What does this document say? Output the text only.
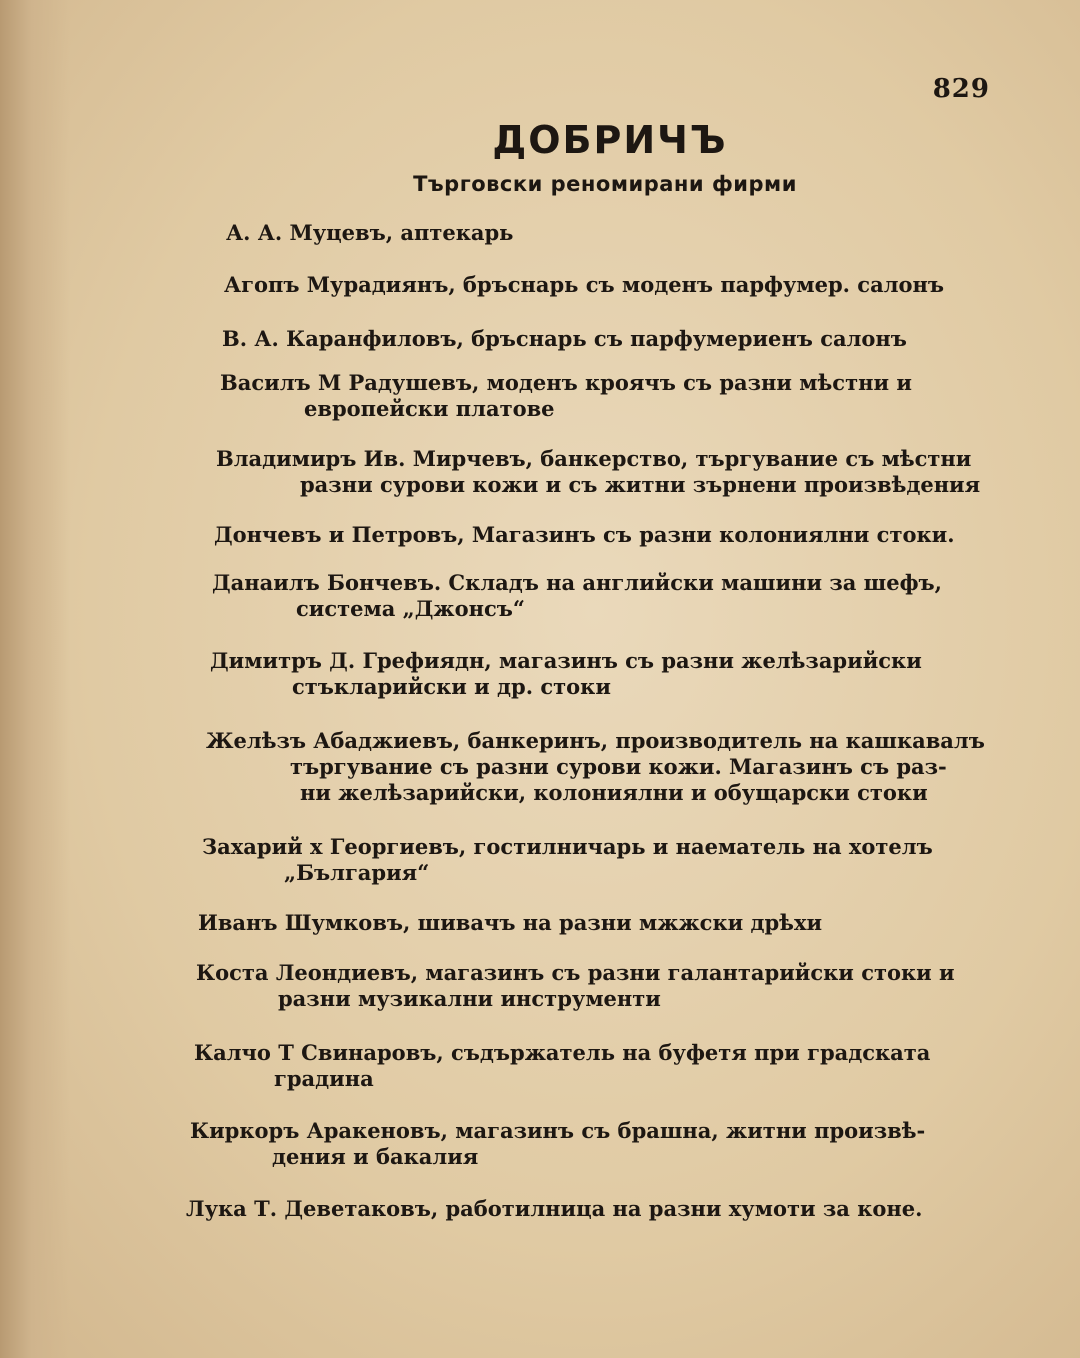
829
ДОБРИЧЪ
Търговски реномирани фирми
А. А. Муцевъ, аптекарь
Агопъ Мурадиянъ, бръснарь съ моденъ парфумер. салонъ
В. А. Каранфиловъ, бръснарь съ парфумериенъ салонъ
Василъ М Радушевъ, моденъ кроячъ съ разни мѣстни и
европейски платове
Владимиръ Ив. Мирчевъ, банкерство, търгувание съ мѣстни
разни сурови кожи и съ житни зърнени произвѣдения
Дончевъ и Петровъ, Магазинъ съ разни колониялни стоки.
Данаилъ Бончевъ. Складъ на английски машини за шефъ,
система „Джонсъ“
Димитръ Д. Грефиядн, магазинъ съ разни желѣзарийски
стъкларийски и др. стоки
Желѣзъ Абаджиевъ, банкеринъ, производитель на кашкавалъ
търгувание съ разни сурови кожи. Магазинъ съ раз-
ни желѣзарийски, колониялни и обущарски стоки
Захарий х Георгиевъ, гостилничарь и наематель на хотелъ
„България“
Иванъ Шумковъ, шивачъ на разни мжжски дрѣхи
Коста Леондиевъ, магазинъ съ разни галантарийски стоки и
разни музикални инструменти
Калчо Т Свинаровъ, съдържатель на буфетя при градската
градина
Киркоръ Аракеновъ, магазинъ съ брашна, житни произвѣ-
дения и бакалия
Лука Т. Деветаковъ, работилница на разни хумоти за коне.
